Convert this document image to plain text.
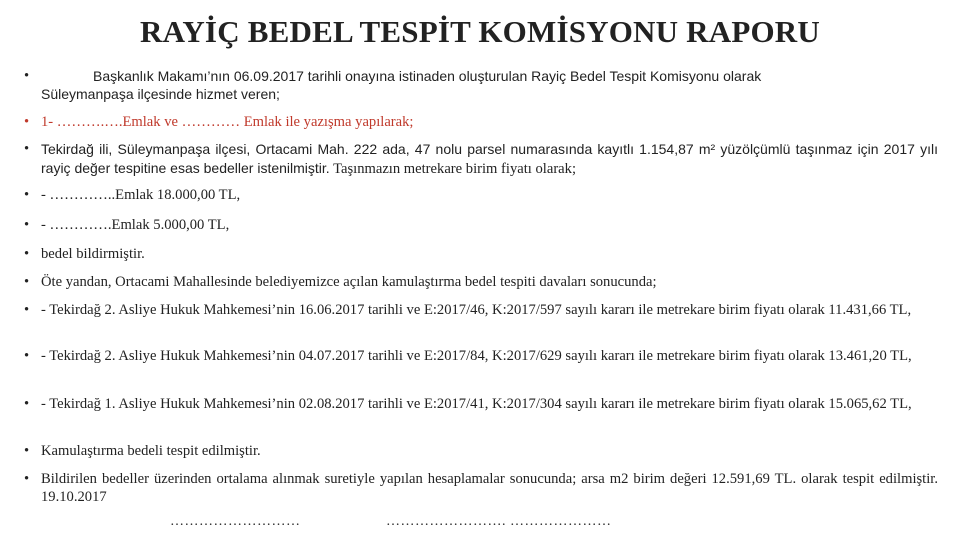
RAYİÇ BEDEL TESPİT KOMİSYONU RAPORU
•	Başkanlık Makamı’nın 06.09.2017 tarihli onayına istinaden oluşturulan Rayiç Bedel Tespit Komisyonu olarak
Süleymanpaşa ilçesinde hizmet veren;
• 1- ……….….Emlak ve ………… Emlak ile yazışma yapılarak;
• Tekirdağ ili, Süleymanpaşa ilçesi, Ortacami Mah. 222 ada, 47 nolu parsel numarasında kayıtlı 1.154,87 m² yüzölçümlü taşınmaz için 2017 yılı rayiç değer tespitine esas bedeller istenilmiştir. Taşınmazın metrekare birim fiyatı olarak;
• - …………..Emlak 18.000,00 TL,
• - ………….Emlak 5.000,00 TL,
• bedel bildirmiştir.
• Öte yandan, Ortacami Mahallesinde belediyemizce açılan kamulaştırma bedel tespiti davaları sonucunda;
• - Tekirdağ 2. Asliye Hukuk Mahkemesi’nin 16.06.2017 tarihli ve E:2017/46, K:2017/597 sayılı kararı ile metrekare birim fiyatı olarak 11.431,66 TL,
• - Tekirdağ 2. Asliye Hukuk Mahkemesi’nin 04.07.2017 tarihli ve E:2017/84, K:2017/629 sayılı kararı ile metrekare birim fiyatı olarak 13.461,20 TL,
• - Tekirdağ 1. Asliye Hukuk Mahkemesi’nin 02.08.2017 tarihli ve E:2017/41, K:2017/304 sayılı kararı ile metrekare birim fiyatı olarak 15.065,62 TL,
• Kamulaştırma bedeli tespit edilmiştir.
• Bildirilen bedeller üzerinden ortalama alınmak suretiyle yapılan hesaplamalar sonucunda; arsa m2 birim değeri 12.591,69 TL. olarak tespit edilmiştir. 19.10.2017
………………………	……………………. …………………
